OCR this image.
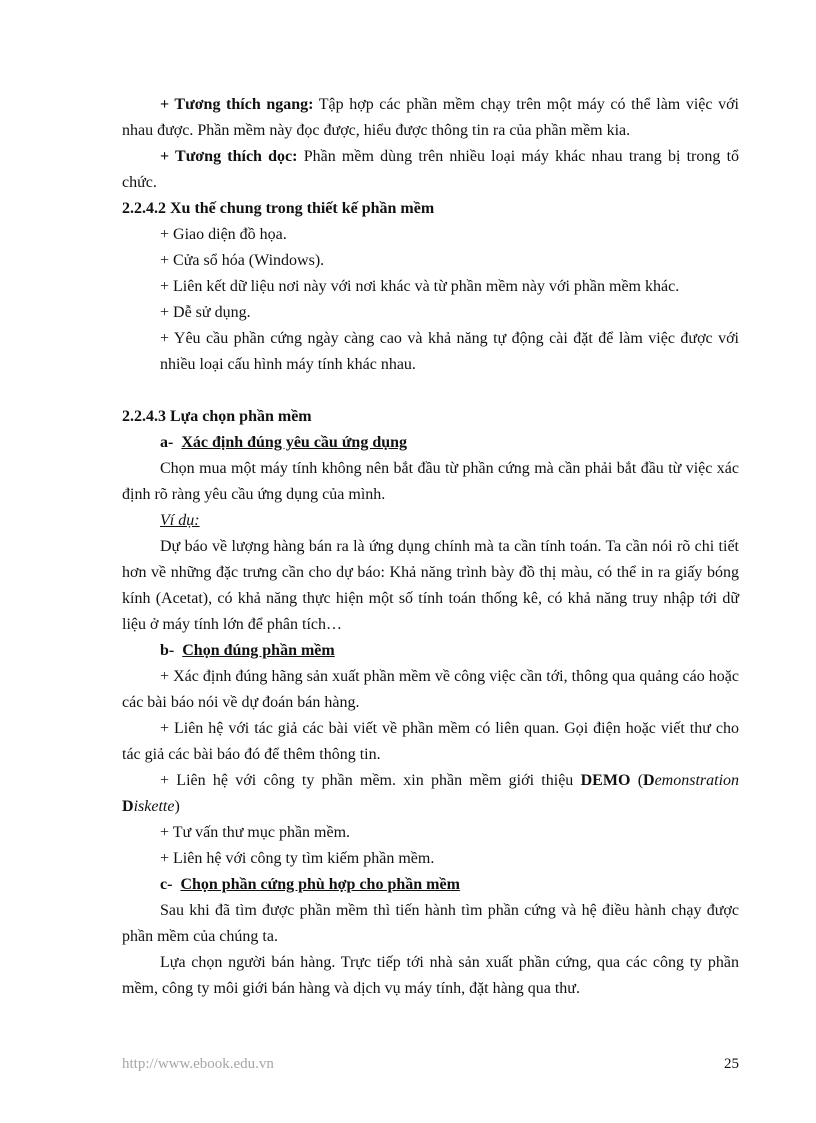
+ Tương thích ngang: Tập hợp các phần mềm chạy trên một máy có thể làm việc với nhau được. Phần mềm này đọc được, hiểu được thông tin ra của phần mềm kia.

+ Tương thích dọc: Phần mềm dùng trên nhiều loại máy khác nhau trang bị trong tổ chức.

2.2.4.2 Xu thế chung trong thiết kế phần mềm

+ Giao diện đồ họa.

+ Cửa sổ hóa (Windows).

+ Liên kết dữ liệu nơi này với nơi khác và từ phần mềm này với phần mềm khác.

+ Dễ sử dụng.

+ Yêu cầu phần cứng ngày càng cao và khả năng tự động cài đặt để làm việc được với nhiều loại cấu hình máy tính khác nhau.

2.2.4.3 Lựa chọn phần mềm

a- Xác định đúng yêu cầu ứng dụng

Chọn mua một máy tính không nên bắt đầu từ phần cứng mà cần phải bắt đầu từ việc xác định rõ ràng yêu cầu ứng dụng của mình.

Ví dụ:

Dự báo về lượng hàng bán ra là ứng dụng chính mà ta cần tính toán. Ta cần nói rõ chi tiết hơn về những đặc trưng cần cho dự báo: Khả năng trình bày đồ thị màu, có thể in ra giấy bóng kính (Acetat), có khả năng thực hiện một số tính toán thống kê, có khả năng truy nhập tới dữ liệu ở máy tính lớn để phân tích…

b- Chọn đúng phần mềm

+ Xác định đúng hãng sản xuất phần mềm về công việc cần tới, thông qua quảng cáo hoặc các bài báo nói về dự đoán bán hàng.

+ Liên hệ với tác giả các bài viết về phần mềm có liên quan. Gọi điện hoặc viết thư cho tác giả các bài báo đó để thêm thông tin.

+ Liên hệ với công ty phần mềm. xin phần mềm giới thiệu DEMO (Demonstration Diskette)

+ Tư vấn thư mục phần mềm.

+ Liên hệ với công ty tìm kiếm phần mềm.

c- Chọn phần cứng phù hợp cho phần mềm

Sau khi đã tìm được phần mềm thì tiến hành tìm phần cứng và hệ điều hành chạy được phần mềm của chúng ta.

Lựa chọn người bán hàng. Trực tiếp tới nhà sản xuất phần cứng, qua các công ty phần mềm, công ty môi giới bán hàng và dịch vụ máy tính, đặt hàng qua thư.

http://www.ebook.edu.vn	25
